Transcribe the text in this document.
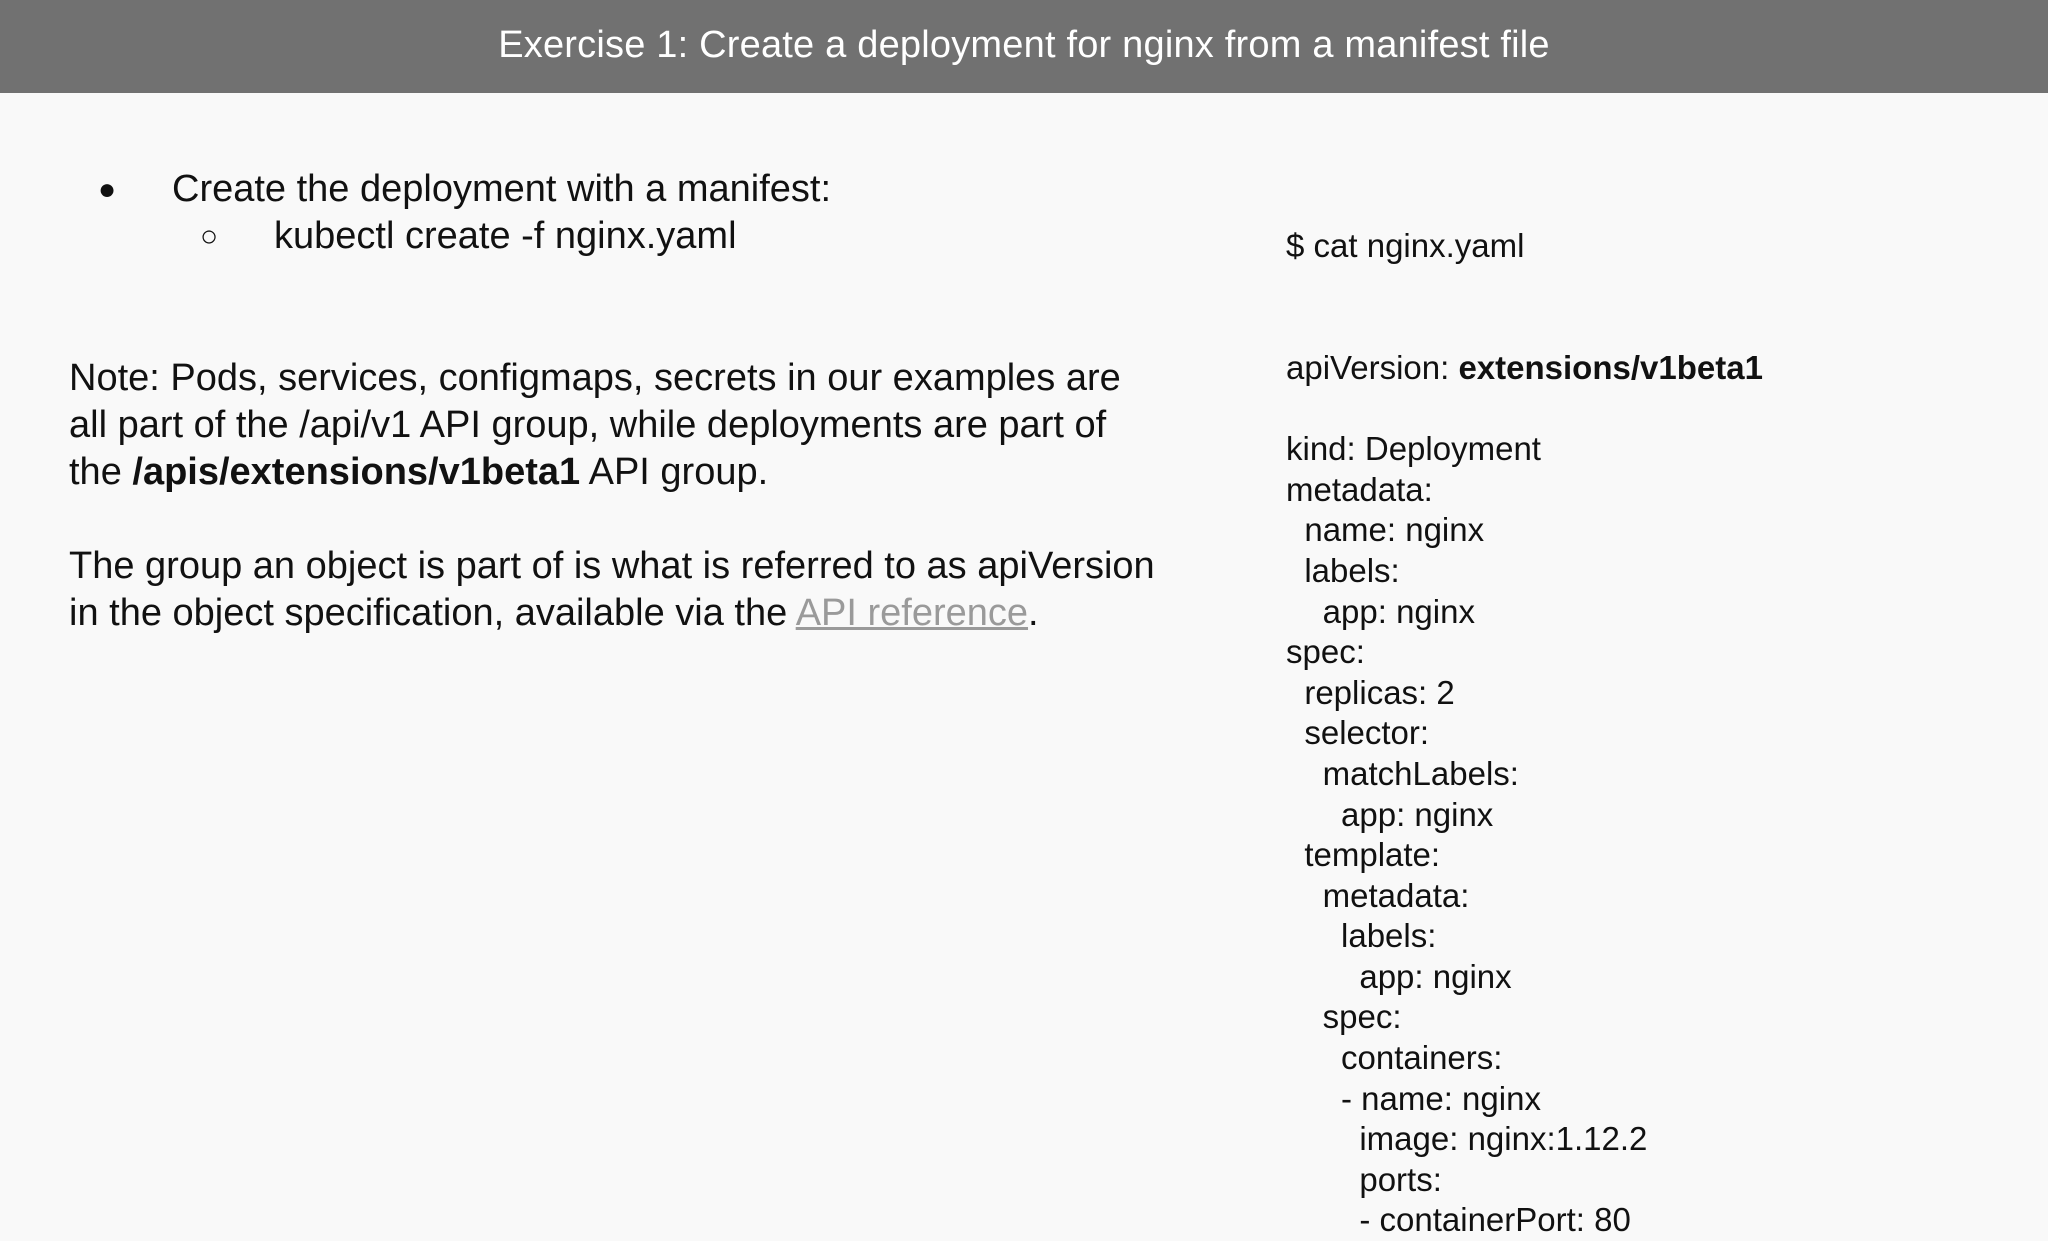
Exercise 1: Create a deployment for nginx from a manifest file
● Create the deployment with a manifest:
○ kubectl create -f nginx.yaml

Note: Pods, services, configmaps, secrets in our examples are

all part of the /api/v1 API group, while deployments are part of

the /apis/extensions/v1beta1 API group.

The group an object is part of is what is referred to as apiVersion

in the object specification, available via the API reference.

$ cat nginx.yaml

apiVersion: extensions/v1beta1

kind: Deployment
metadata:
name: nginx
labels:
app: nginx
spec:
replicas: 2
selector:
matchLabels:
app: nginx
template:
metadata:
labels:
app: nginx
spec:
containers:
- name: nginx
image: nginx:1.12.2
ports:
- containerPort: 80
